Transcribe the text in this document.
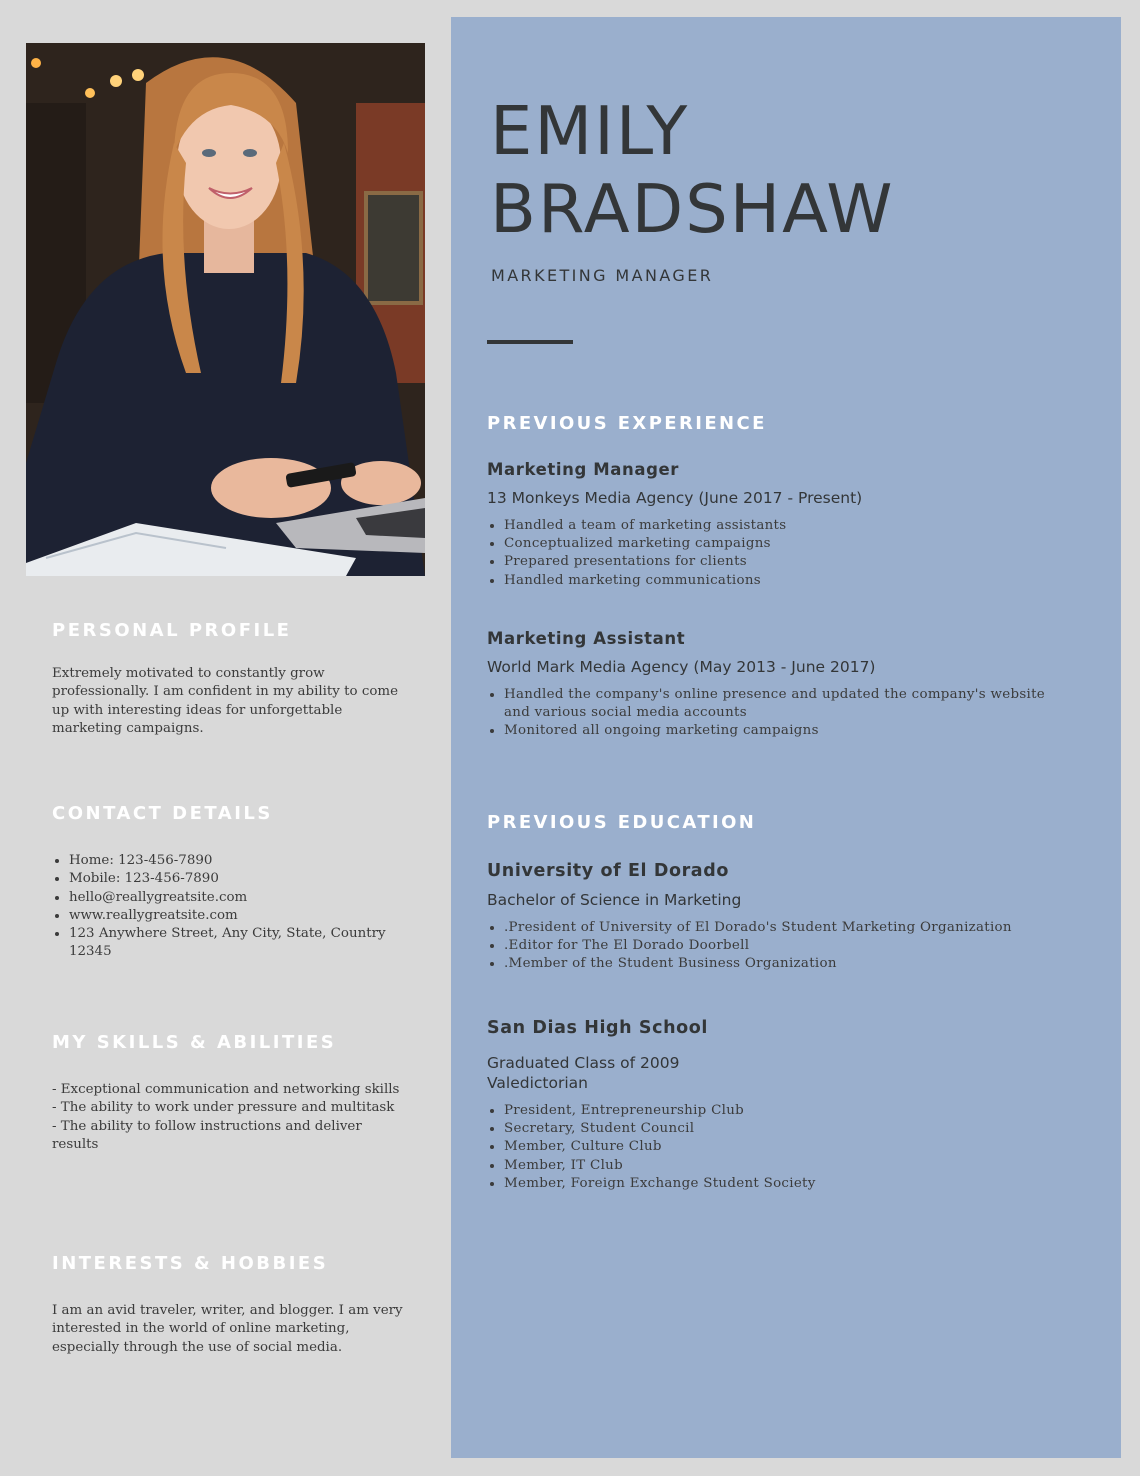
PERSONAL PROFILE

Extremely motivated to constantly grow professionally. I am confident in my ability to come up with interesting ideas for unforgettable marketing campaigns.

CONTACT DETAILS
• Home: 123-456-7890
• Mobile: 123-456-7890
• hello@reallygreatsite.com
• www.reallygreatsite.com
• 123 Anywhere Street, Any City, State, Country 12345
MY SKILLS & ABILITIES
- Exceptional communication and networking skills
- The ability to work under pressure and multitask
- The ability to follow instructions and deliver results
INTERESTS & HOBBIES

I am an avid traveler, writer, and blogger. I am very interested in the world of online marketing, especially through the use of social media.

EMILY
BRADSHAW
MARKETING MANAGER
PREVIOUS EXPERIENCE

Marketing Manager

13 Monkeys Media Agency (June 2017 - Present)

• Handled a team of marketing assistants
• Conceptualized marketing campaigns
• Prepared presentations for clients
• Handled marketing communications

Marketing Assistant

World Mark Media Agency (May 2013 - June 2017)

• Handled the company's online presence and updated the company's website and various social media accounts
• Monitored all ongoing marketing campaigns
PREVIOUS EDUCATION

University of El Dorado

Bachelor of Science in Marketing

• .President of University of El Dorado's Student Marketing Organization
• .Editor for The El Dorado Doorbell
• .Member of the Student Business Organization

San Dias High School

Graduated Class of 2009

Valedictorian

• President, Entrepreneurship Club
• Secretary, Student Council
• Member, Culture Club
• Member, IT Club
• Member, Foreign Exchange Student Society
